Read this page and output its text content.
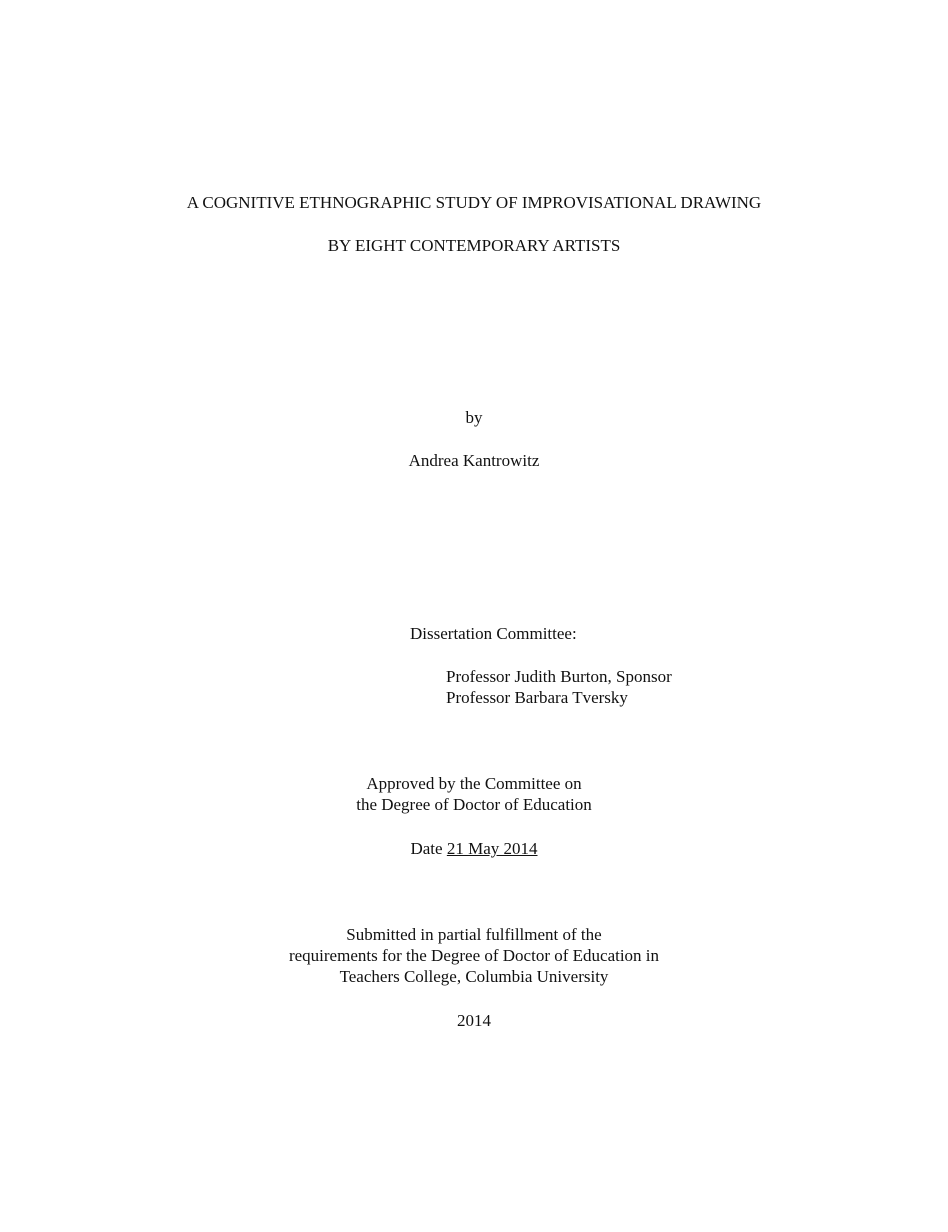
A COGNITIVE ETHNOGRAPHIC STUDY OF IMPROVISATIONAL DRAWING
BY EIGHT CONTEMPORARY ARTISTS
by
Andrea Kantrowitz
Dissertation Committee:
Professor Judith Burton, Sponsor
Professor Barbara Tversky
Approved by the Committee on
the Degree of Doctor of Education
Date 21 May 2014
Submitted in partial fulfillment of the
requirements for the Degree of Doctor of Education in
Teachers College, Columbia University
2014
